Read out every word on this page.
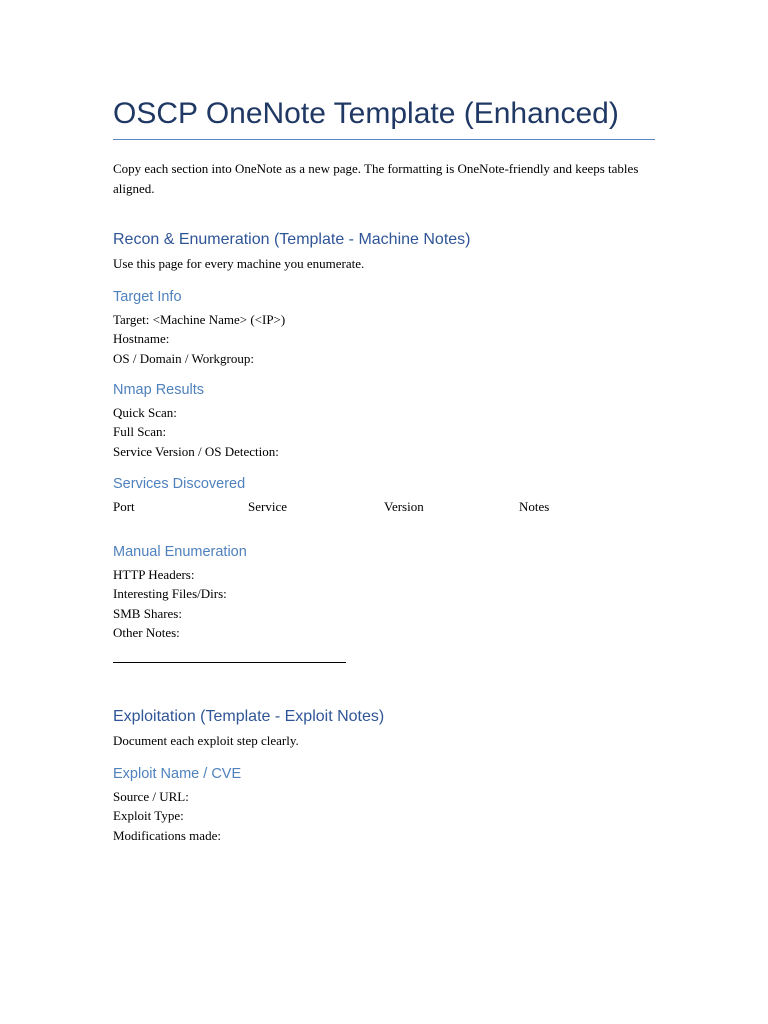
OSCP OneNote Template (Enhanced)
Copy each section into OneNote as a new page. The formatting is OneNote-friendly and keeps tables aligned.
Recon & Enumeration (Template - Machine Notes)
Use this page for every machine you enumerate.
Target Info
Target: <Machine Name> (<IP>)
Hostname:
OS / Domain / Workgroup:
Nmap Results
Quick Scan:
Full Scan:
Service Version / OS Detection:
Services Discovered
Port	Service	Version	Notes
Manual Enumeration
HTTP Headers:
Interesting Files/Dirs:
SMB Shares:
Other Notes:
Exploitation (Template - Exploit Notes)
Document each exploit step clearly.
Exploit Name / CVE
Source / URL:
Exploit Type:
Modifications made:
